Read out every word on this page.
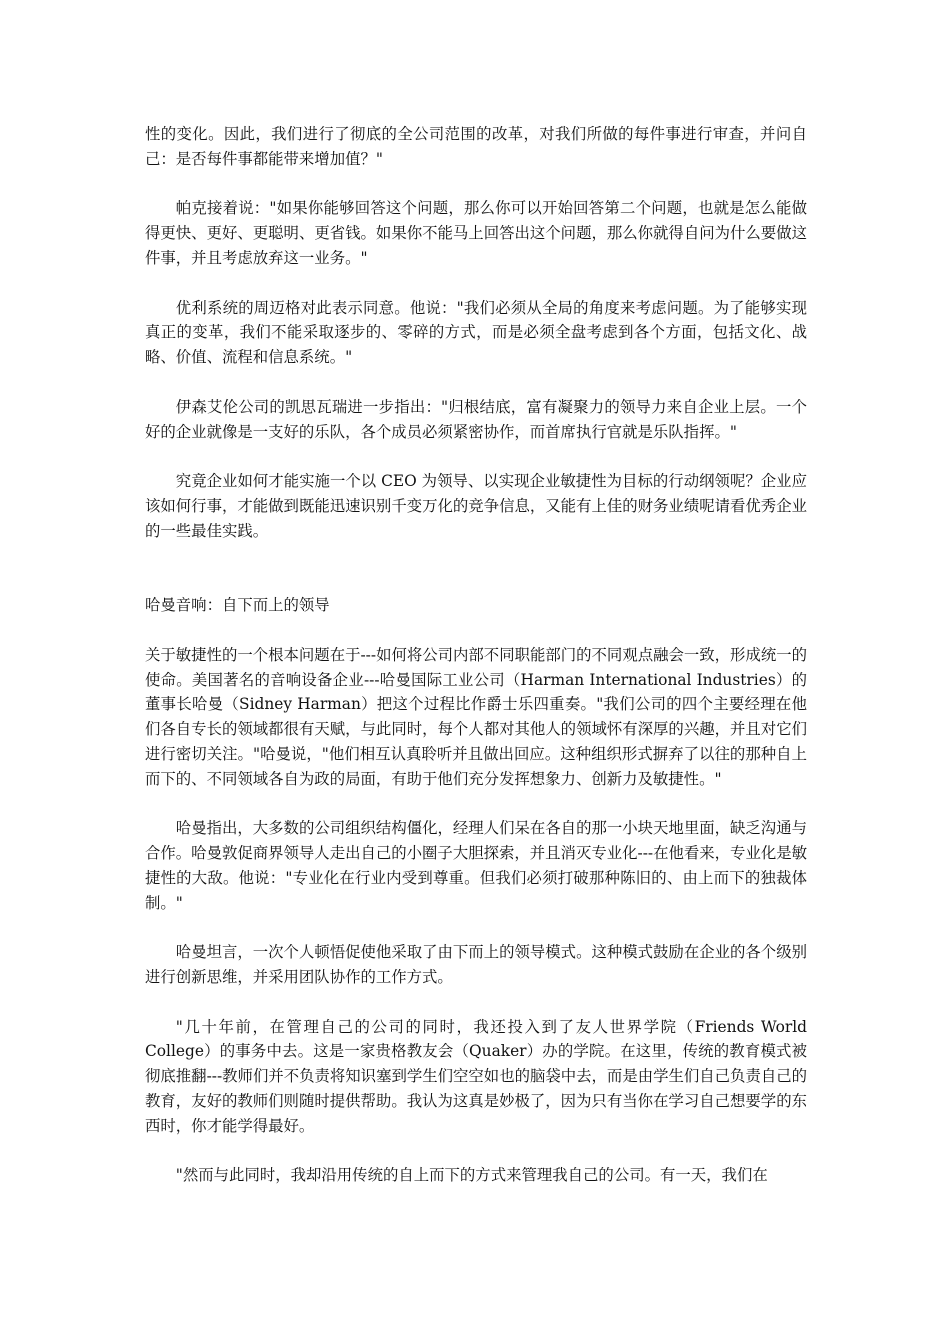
性的变化。因此，我们进行了彻底的全公司范围的改革，对我们所做的每件事进行审查，并问自己：是否每件事都能带来增加值？"

帕克接着说："如果你能够回答这个问题，那么你可以开始回答第二个问题，也就是怎么能做得更快、更好、更聪明、更省钱。如果你不能马上回答出这个问题，那么你就得自问为什么要做这件事，并且考虑放弃这一业务。"

优利系统的周迈格对此表示同意。他说："我们必须从全局的角度来考虑问题。为了能够实现真正的变革，我们不能采取逐步的、零碎的方式，而是必须全盘考虑到各个方面，包括文化、战略、价值、流程和信息系统。"

伊森艾伦公司的凯思瓦瑞进一步指出："归根结底，富有凝聚力的领导力来自企业上层。一个好的企业就像是一支好的乐队，各个成员必须紧密协作，而首席执行官就是乐队指挥。"

究竟企业如何才能实施一个以 CEO 为领导、以实现企业敏捷性为目标的行动纲领呢？企业应该如何行事，才能做到既能迅速识别千变万化的竞争信息，又能有上佳的财务业绩呢请看优秀企业的一些最佳实践。

哈曼音响：自下而上的领导

关于敏捷性的一个根本问题在于---如何将公司内部不同职能部门的不同观点融会一致，形成统一的使命。美国著名的音响设备企业---哈曼国际工业公司（Harman International Industries）的董事长哈曼（Sidney Harman）把这个过程比作爵士乐四重奏。"我们公司的四个主要经理在他们各自专长的领域都很有天赋，与此同时，每个人都对其他人的领域怀有深厚的兴趣，并且对它们进行密切关注。"哈曼说，"他们相互认真聆听并且做出回应。这种组织形式摒弃了以往的那种自上而下的、不同领域各自为政的局面，有助于他们充分发挥想象力、创新力及敏捷性。"

哈曼指出，大多数的公司组织结构僵化，经理人们呆在各自的那一小块天地里面，缺乏沟通与合作。哈曼敦促商界领导人走出自己的小圈子大胆探索，并且消灭专业化---在他看来，专业化是敏捷性的大敌。他说："专业化在行业内受到尊重。但我们必须打破那种陈旧的、由上而下的独裁体制。"

哈曼坦言，一次个人顿悟促使他采取了由下而上的领导模式。这种模式鼓励在企业的各个级别进行创新思维，并采用团队协作的工作方式。

"几十年前，在管理自己的公司的同时，我还投入到了友人世界学院（Friends World College）的事务中去。这是一家贵格教友会（Quaker）办的学院。在这里，传统的教育模式被彻底推翻---教师们并不负责将知识塞到学生们空空如也的脑袋中去，而是由学生们自己负责自己的教育，友好的教师们则随时提供帮助。我认为这真是妙极了，因为只有当你在学习自己想要学的东西时，你才能学得最好。

"然而与此同时，我却沿用传统的自上而下的方式来管理我自己的公司。有一天，我们在
